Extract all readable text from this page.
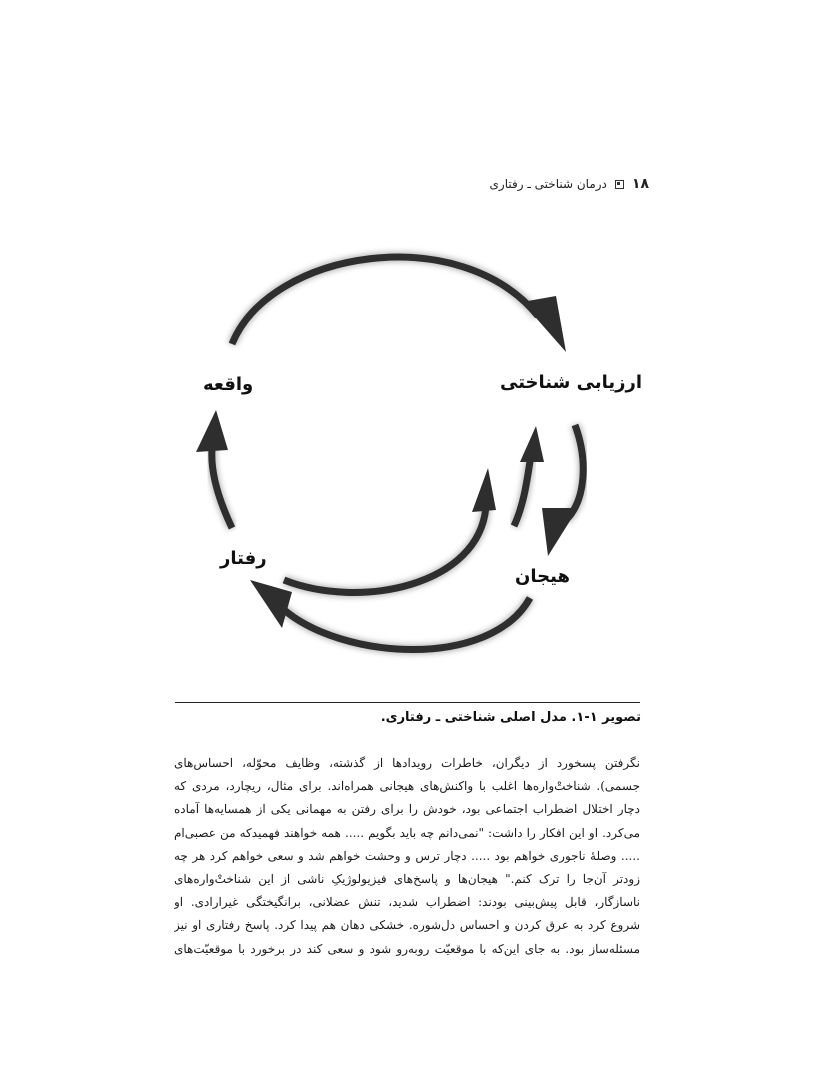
۱۸
درمان شناختی ـ رفتاری
واقعه	ارزیابی شناختی
رفتار
هیجان
تصویر ۱-۱. مدل اصلی شناختی ـ رفتاری.
نگرفتن پسخورد از دیگران، خاطرات رویدادها از گذشته، وظایف محوّله، احساس‌های
جسمی). شناختْ‌واره‌ها اغلب با واکنش‌های هیجانی همراه‌اند. برای مثال، ریچارد، مردی که
دچار اختلال اضطراب اجتماعی بود، خودش را برای رفتن به مهمانی یکی از همسایه‌ها آماده
می‌کرد. او این افکار را داشت: "نمی‌دانم چه باید بگویم ..... همه خواهند فهمیدکه من عصبی‌ام
..... وصلهٔ ناجوری خواهم بود ..... دچار ترس و وحشت خواهم شد و سعی خواهم کرد هر چه
زودتر آن‌جا را ترک کنم." هیجان‌ها و پاسخ‌های فیزیولوژیکِ ناشی از این شناختْ‌واره‌های
ناسازگار، قابل پیش‌بینی بودند: اضطراب شدید، تنش عضلانی، برانگیختگی غیرارادی. او
شروع کرد به عرق کردن و احساس دل‌شوره. خشکی دهان هم پیدا کرد. پاسخ رفتاری او نیز
مسئله‌ساز بود. به جای این‌که با موقعیّت روبه‌رو شود و سعی کند در برخورد با موقعیّت‌های
